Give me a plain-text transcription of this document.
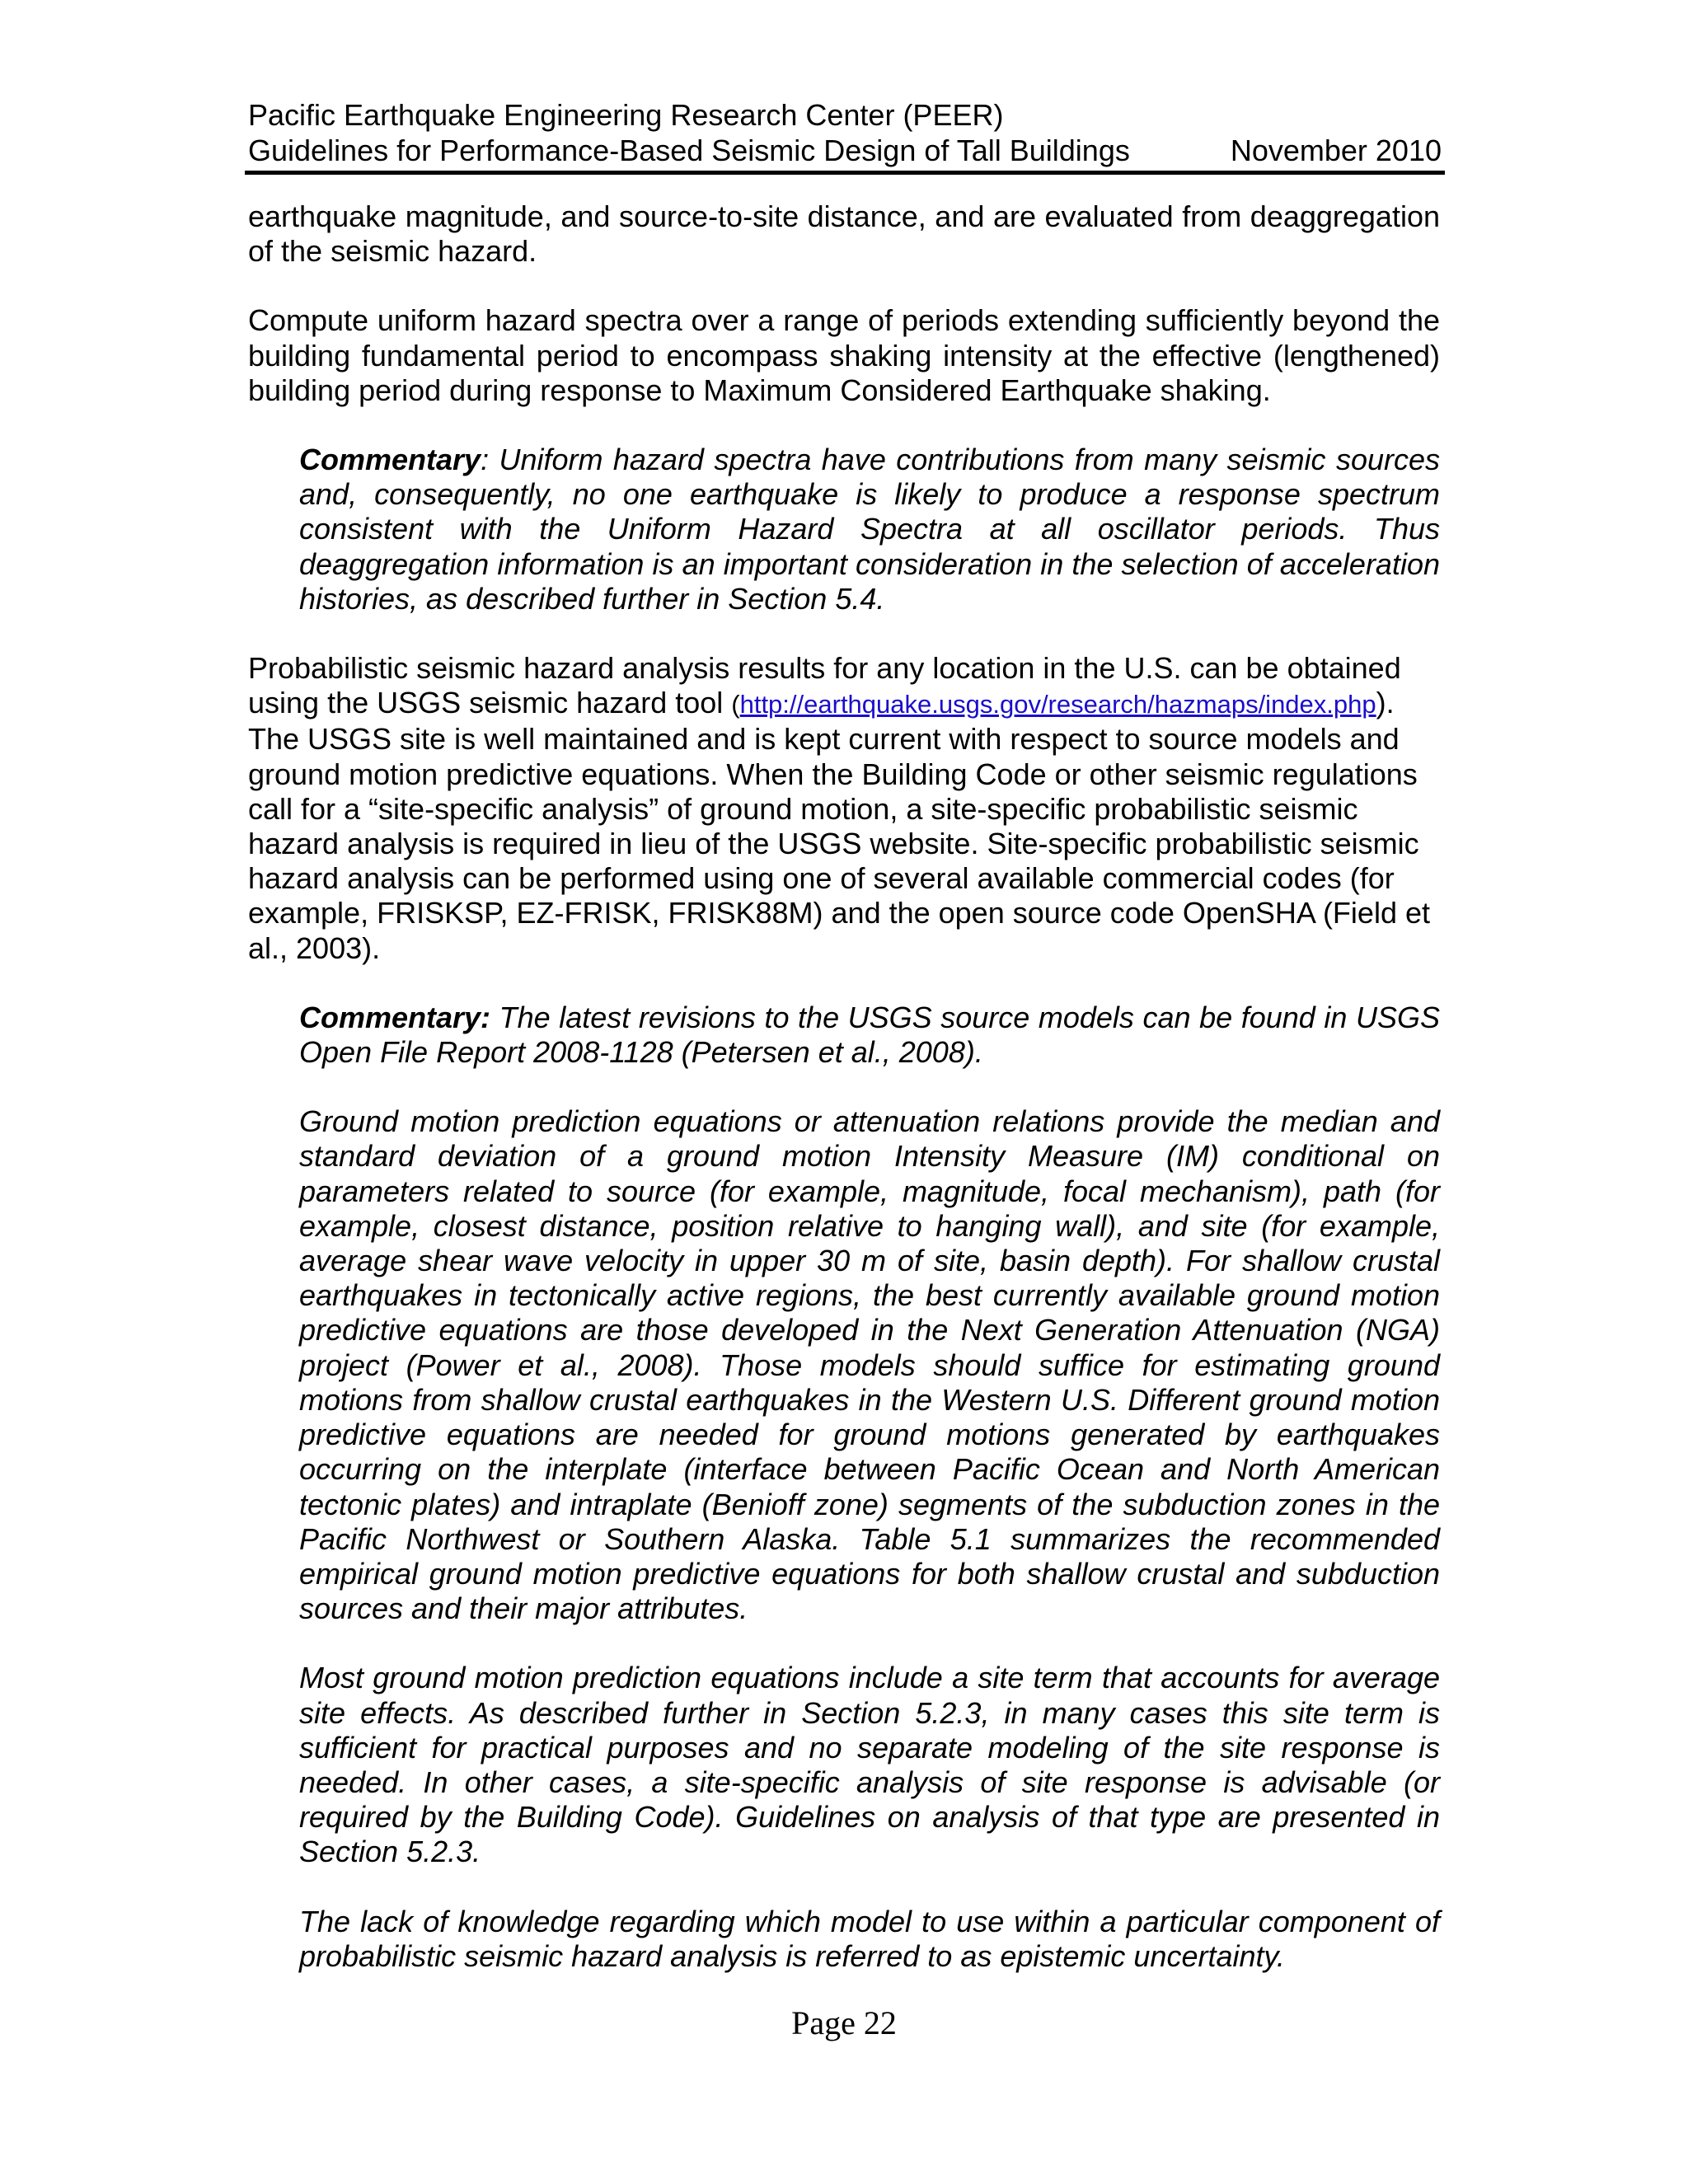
Pacific Earthquake Engineering Research Center (PEER)
Guidelines for Performance-Based Seismic Design of Tall Buildings	November 2010

earthquake magnitude, and source-to-site distance, and are evaluated from deaggregation of the seismic hazard.

Compute uniform hazard spectra over a range of periods extending sufficiently beyond the building fundamental period to encompass shaking intensity at the effective (lengthened) building period during response to Maximum Considered Earthquake shaking.

Commentary: Uniform hazard spectra have contributions from many seismic sources and, consequently, no one earthquake is likely to produce a response spectrum consistent with the Uniform Hazard Spectra at all oscillator periods. Thus deaggregation information is an important consideration in the selection of acceleration histories, as described further in Section 5.4.

Probabilistic seismic hazard analysis results for any location in the U.S. can be obtained
using the USGS seismic hazard tool (http://earthquake.usgs.gov/research/hazmaps/index.php).
The USGS site is well maintained and is kept current with respect to source models and ground motion predictive equations. When the Building Code or other seismic regulations call for a “site-specific analysis” of ground motion, a site-specific probabilistic seismic hazard analysis is required in lieu of the USGS website. Site-specific probabilistic seismic hazard analysis can be performed using one of several available commercial codes (for example, FRISKSP, EZ-FRISK, FRISK88M) and the open source code OpenSHA (Field et al., 2003).

Commentary: The latest revisions to the USGS source models can be found in USGS Open File Report 2008-1128 (Petersen et al., 2008).

Ground motion prediction equations or attenuation relations provide the median and standard deviation of a ground motion Intensity Measure (IM) conditional on parameters related to source (for example, magnitude, focal mechanism), path (for example, closest distance, position relative to hanging wall), and site (for example, average shear wave velocity in upper 30 m of site, basin depth). For shallow crustal earthquakes in tectonically active regions, the best currently available ground motion predictive equations are those developed in the Next Generation Attenuation (NGA) project (Power et al., 2008). Those models should suffice for estimating ground motions from shallow crustal earthquakes in the Western U.S. Different ground motion predictive equations are needed for ground motions generated by earthquakes occurring on the interplate (interface between Pacific Ocean and North American tectonic plates) and intraplate (Benioff zone) segments of the subduction zones in the Pacific Northwest or Southern Alaska. Table 5.1 summarizes the recommended empirical ground motion predictive equations for both shallow crustal and subduction sources and their major attributes.

Most ground motion prediction equations include a site term that accounts for average site effects. As described further in Section 5.2.3, in many cases this site term is sufficient for practical purposes and no separate modeling of the site response is needed. In other cases, a site-specific analysis of site response is advisable (or required by the Building Code). Guidelines on analysis of that type are presented in Section 5.2.3.

The lack of knowledge regarding which model to use within a particular component of probabilistic seismic hazard analysis is referred to as epistemic uncertainty.

Page 22
